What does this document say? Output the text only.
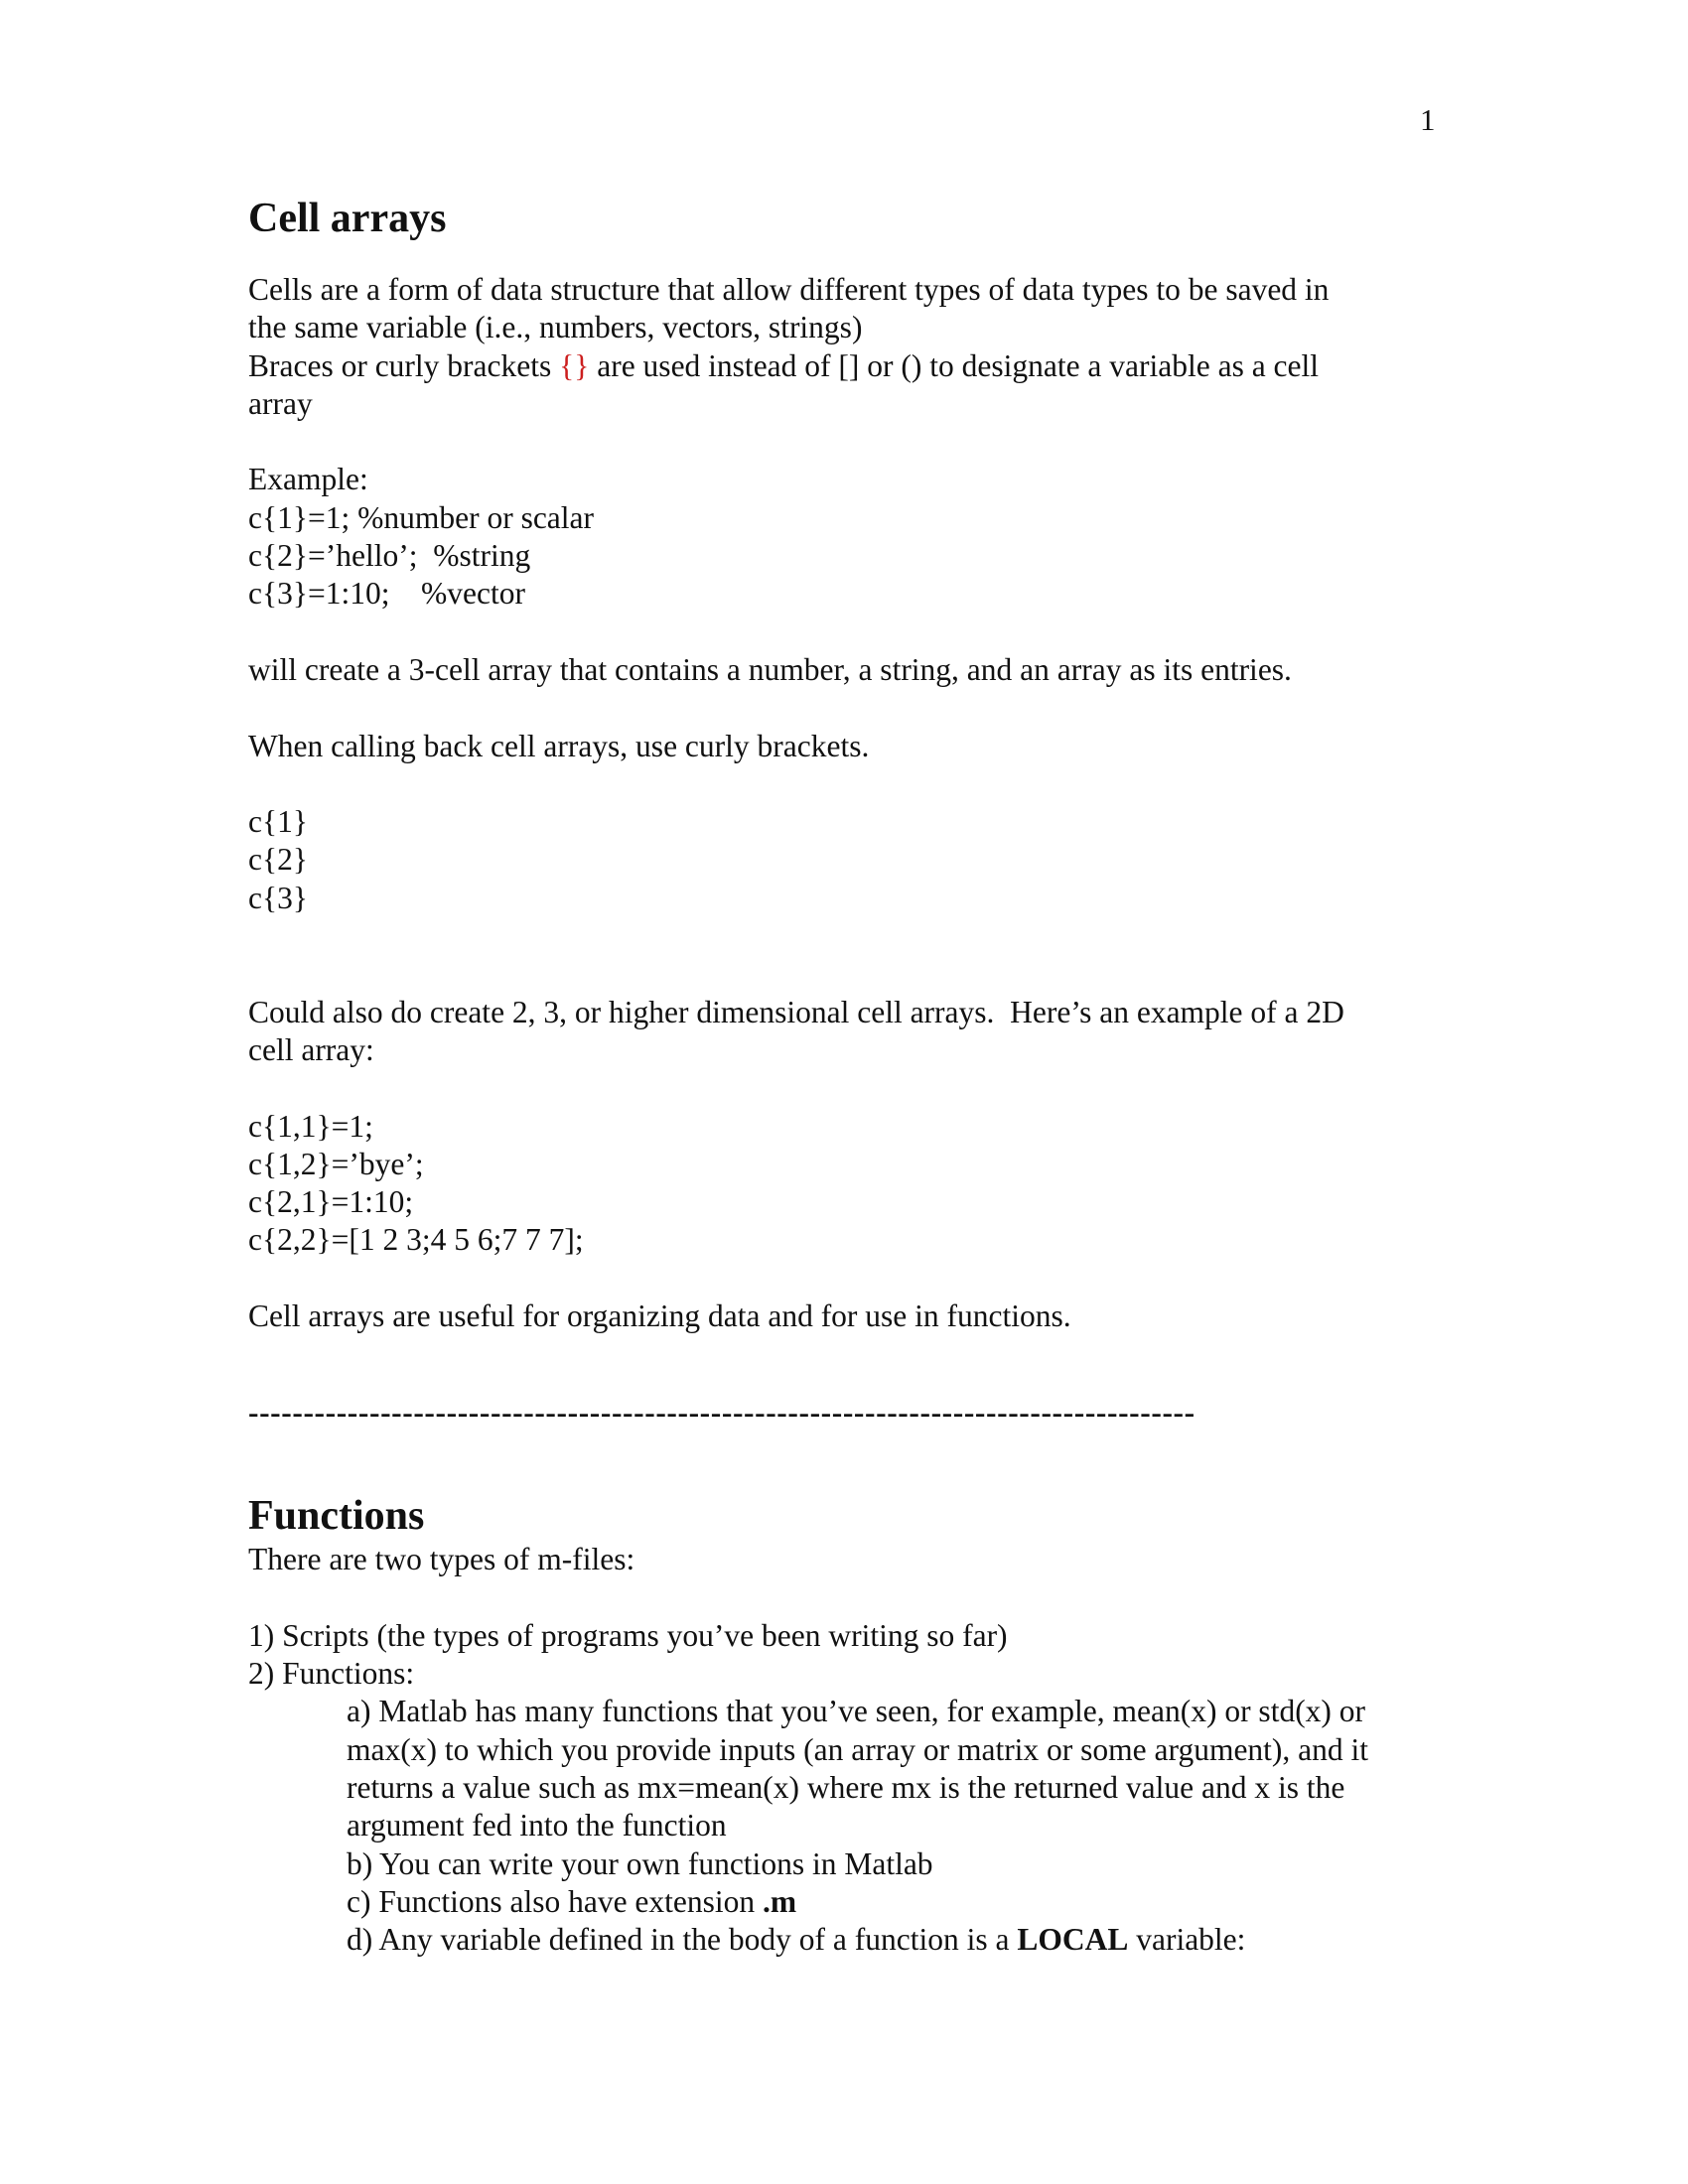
1
Cell arrays
Cells are a form of data structure that allow different types of data types to be saved in
the same variable (i.e., numbers, vectors, strings)
Braces or curly brackets {} are used instead of [] or () to designate a variable as a cell
array
Example:
c{1}=1; %number or scalar
c{2}=’hello’;  %string
c{3}=1:10;    %vector
will create a 3-cell array that contains a number, a string, and an array as its entries.
When calling back cell arrays, use curly brackets.
c{1}
c{2}
c{3}
Could also do create 2, 3, or higher dimensional cell arrays.  Here’s an example of a 2D
cell array:
c{1,1}=1;
c{1,2}=’bye’;
c{2,1}=1:10;
c{2,2}=[1 2 3;4 5 6;7 7 7];
Cell arrays are useful for organizing data and for use in functions.
--------------------------------------------------------------------------------------
Functions
There are two types of m-files:
1) Scripts (the types of programs you’ve been writing so far)
2) Functions:
a) Matlab has many functions that you’ve seen, for example, mean(x) or std(x) or
max(x) to which you provide inputs (an array or matrix or some argument), and it
returns a value such as mx=mean(x) where mx is the returned value and x is the
argument fed into the function
b) You can write your own functions in Matlab
c) Functions also have extension .m
d) Any variable defined in the body of a function is a LOCAL variable:
